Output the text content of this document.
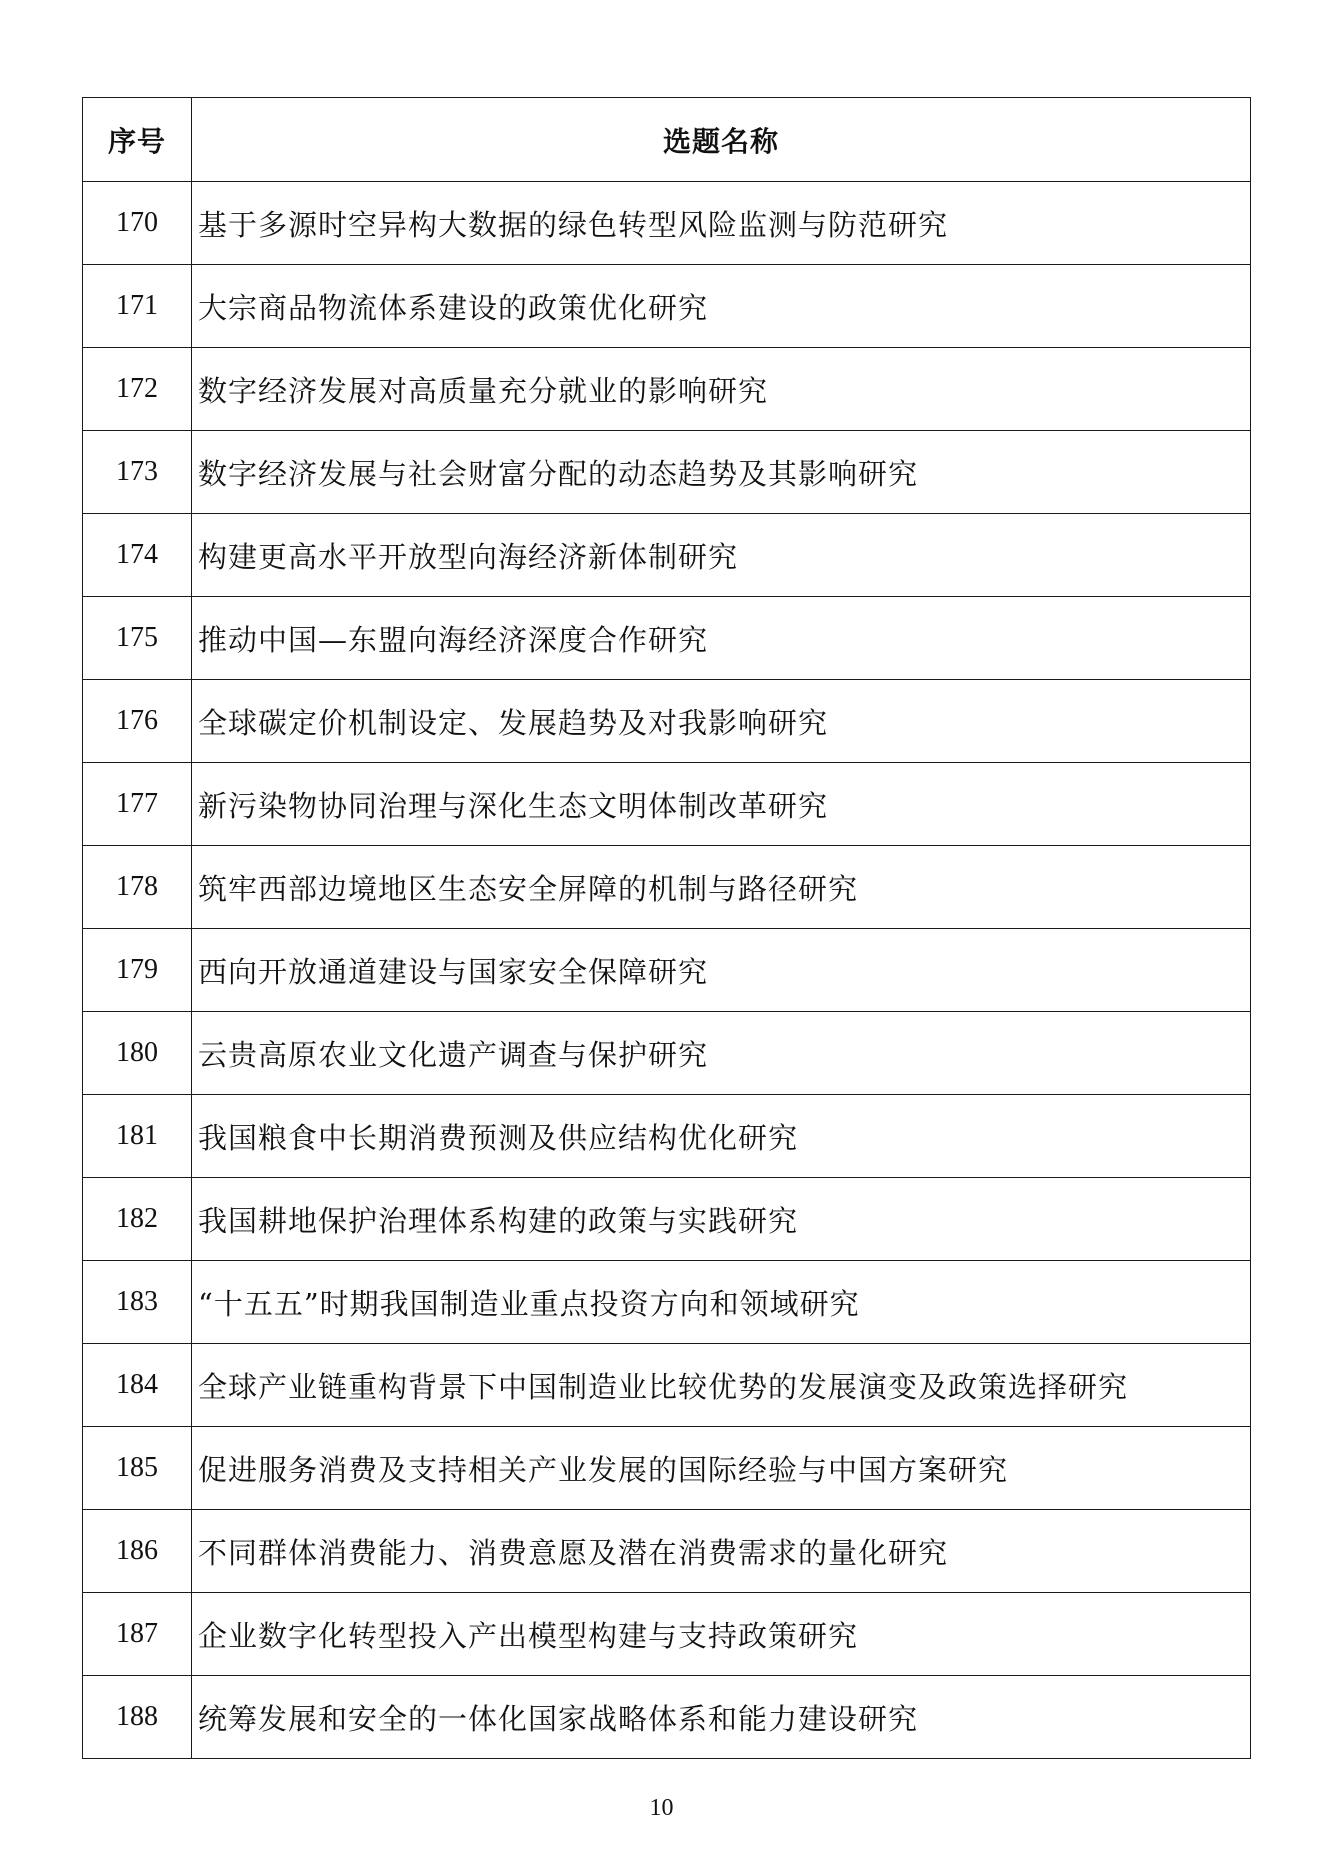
序号	选题名称
170	基于多源时空异构大数据的绿色转型风险监测与防范研究
171	大宗商品物流体系建设的政策优化研究
172	数字经济发展对高质量充分就业的影响研究
173	数字经济发展与社会财富分配的动态趋势及其影响研究
174	构建更高水平开放型向海经济新体制研究
175	推动中国—东盟向海经济深度合作研究
176	全球碳定价机制设定、发展趋势及对我影响研究
177	新污染物协同治理与深化生态文明体制改革研究
178	筑牢西部边境地区生态安全屏障的机制与路径研究
179	西向开放通道建设与国家安全保障研究
180	云贵高原农业文化遗产调查与保护研究
181	我国粮食中长期消费预测及供应结构优化研究
182	我国耕地保护治理体系构建的政策与实践研究
183	“十五五”时期我国制造业重点投资方向和领域研究
184	全球产业链重构背景下中国制造业比较优势的发展演变及政策选择研究
185	促进服务消费及支持相关产业发展的国际经验与中国方案研究
186	不同群体消费能力、消费意愿及潜在消费需求的量化研究
187	企业数字化转型投入产出模型构建与支持政策研究
188	统筹发展和安全的一体化国家战略体系和能力建设研究
10
